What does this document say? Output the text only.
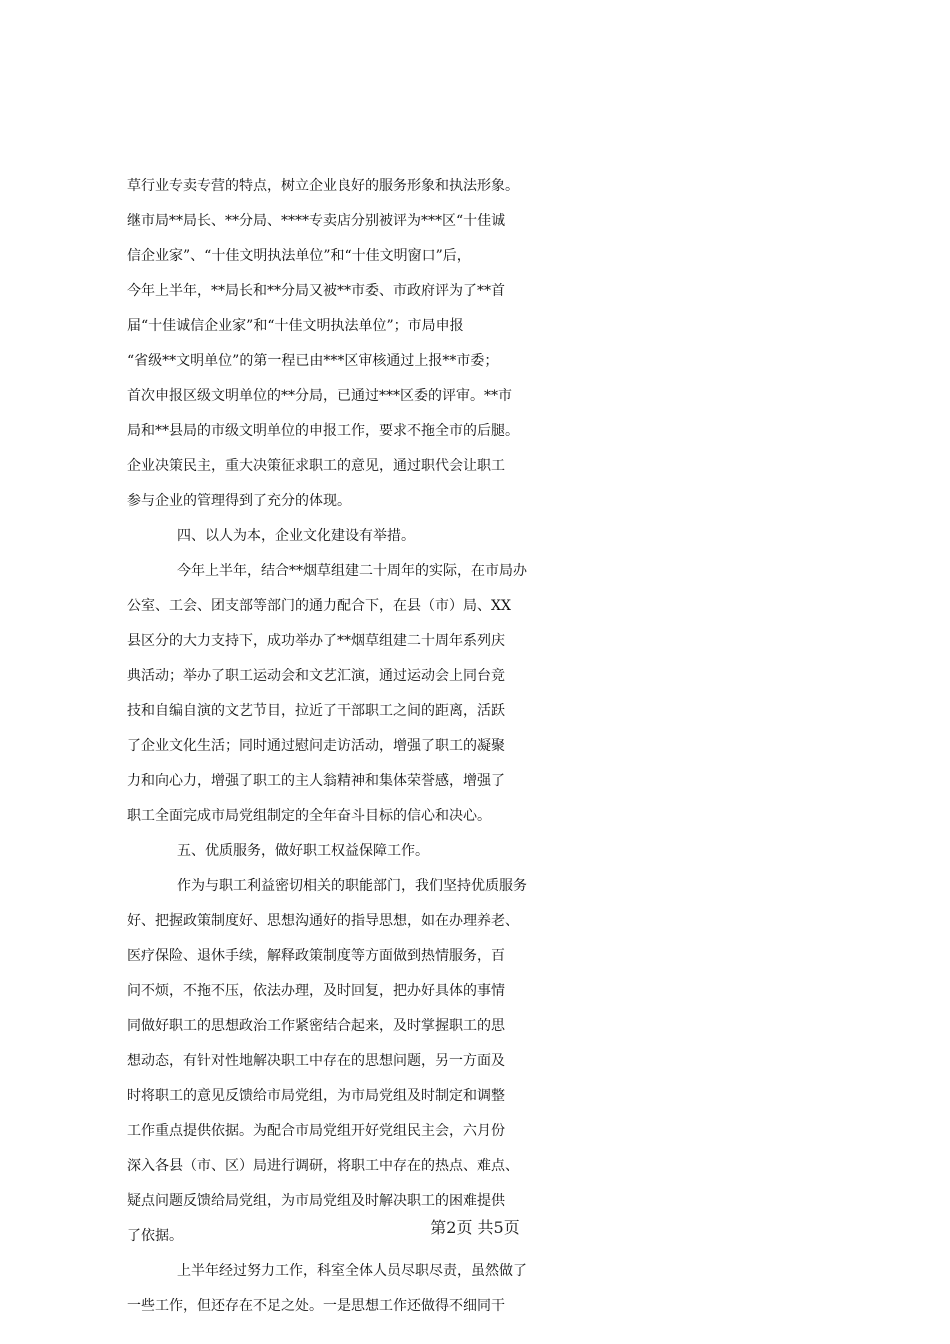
草行业专卖专营的特点，树立企业良好的服务形象和执法形象。
继市局**局长、**分局、****专卖店分别被评为***区“十佳诚
信企业家”、“十佳文明执法单位”和“十佳文明窗口”后，
今年上半年，**局长和**分局又被**市委、市政府评为了**首
届“十佳诚信企业家”和“十佳文明执法单位”；市局申报
“省级**文明单位”的第一程已由***区审核通过上报**市委；
首次申报区级文明单位的**分局，已通过***区委的评审。**市
局和**县局的市级文明单位的申报工作，要求不拖全市的后腿。
企业决策民主，重大决策征求职工的意见，通过职代会让职工
参与企业的管理得到了充分的体现。
四、以人为本，企业文化建设有举措。
今年上半年，结合**烟草组建二十周年的实际，在市局办
公室、工会、团支部等部门的通力配合下，在县（市）局、XX
县区分的大力支持下，成功举办了**烟草组建二十周年系列庆
典活动；举办了职工运动会和文艺汇演，通过运动会上同台竞
技和自编自演的文艺节目，拉近了干部职工之间的距离，活跃
了企业文化生活；同时通过慰问走访活动，增强了职工的凝聚
力和向心力，增强了职工的主人翁精神和集体荣誉感，增强了
职工全面完成市局党组制定的全年奋斗目标的信心和决心。
五、优质服务，做好职工权益保障工作。
作为与职工利益密切相关的职能部门，我们坚持优质服务
好、把握政策制度好、思想沟通好的指导思想，如在办理养老、
医疗保险、退休手续，解释政策制度等方面做到热情服务，百
问不烦，不拖不压，依法办理，及时回复，把办好具体的事情
同做好职工的思想政治工作紧密结合起来，及时掌握职工的思
想动态，有针对性地解决职工中存在的思想问题，另一方面及
时将职工的意见反馈给市局党组，为市局党组及时制定和调整
工作重点提供依据。为配合市局党组开好党组民主会，六月份
深入各县（市、区）局进行调研，将职工中存在的热点、难点、
疑点问题反馈给局党组，为市局党组及时解决职工的困难提供
了依据。
上半年经过努力工作，科室全体人员尽职尽责，虽然做了
一些工作，但还存在不足之处。一是思想工作还做得不细同干
第2页 共5页
